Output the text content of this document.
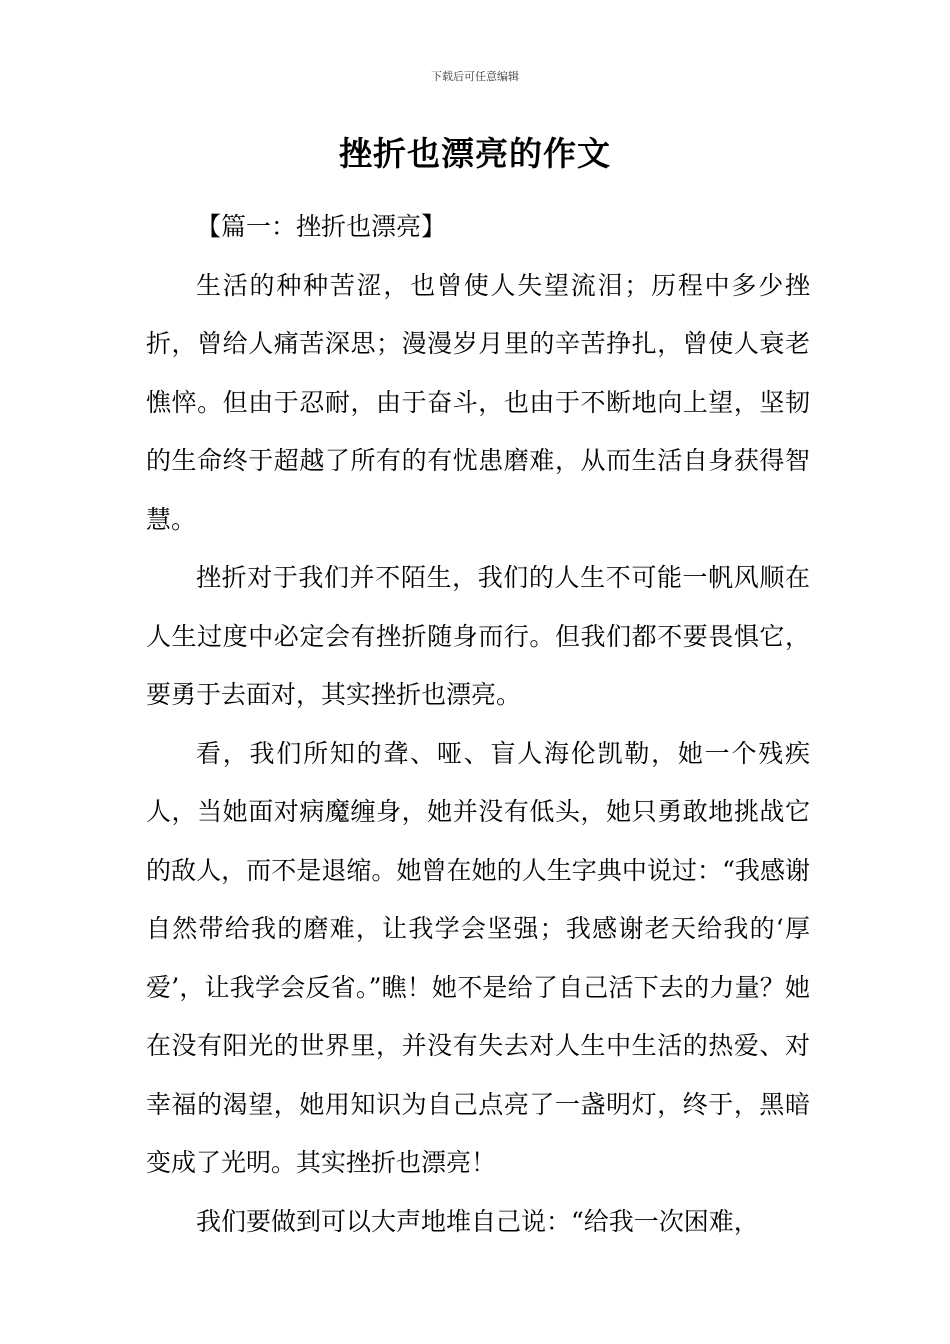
下载后可任意编辑
挫折也漂亮的作文

【篇一：挫折也漂亮】

生活的种种苦涩，也曾使人失望流泪；历程中多少挫折，曾给人痛苦深思；漫漫岁月里的辛苦挣扎，曾使人衰老憔悴。但由于忍耐，由于奋斗，也由于不断地向上望，坚韧的生命终于超越了所有的有忧患磨难，从而生活自身获得智慧。

挫折对于我们并不陌生，我们的人生不可能一帆风顺在人生过度中必定会有挫折随身而行。但我们都不要畏惧它，要勇于去面对，其实挫折也漂亮。

看，我们所知的聋、哑、盲人海伦凯勒，她一个残疾人，当她面对病魔缠身，她并没有低头，她只勇敢地挑战它的敌人，而不是退缩。她曾在她的人生字典中说过：“我感谢自然带给我的磨难，让我学会坚强；我感谢老天给我的‘厚爱’，让我学会反省。”瞧！她不是给了自己活下去的力量？她在没有阳光的世界里，并没有失去对人生中生活的热爱、对幸福的渴望，她用知识为自己点亮了一盏明灯，终于，黑暗变成了光明。其实挫折也漂亮！

我们要做到可以大声地堆自己说：“给我一次困难，
